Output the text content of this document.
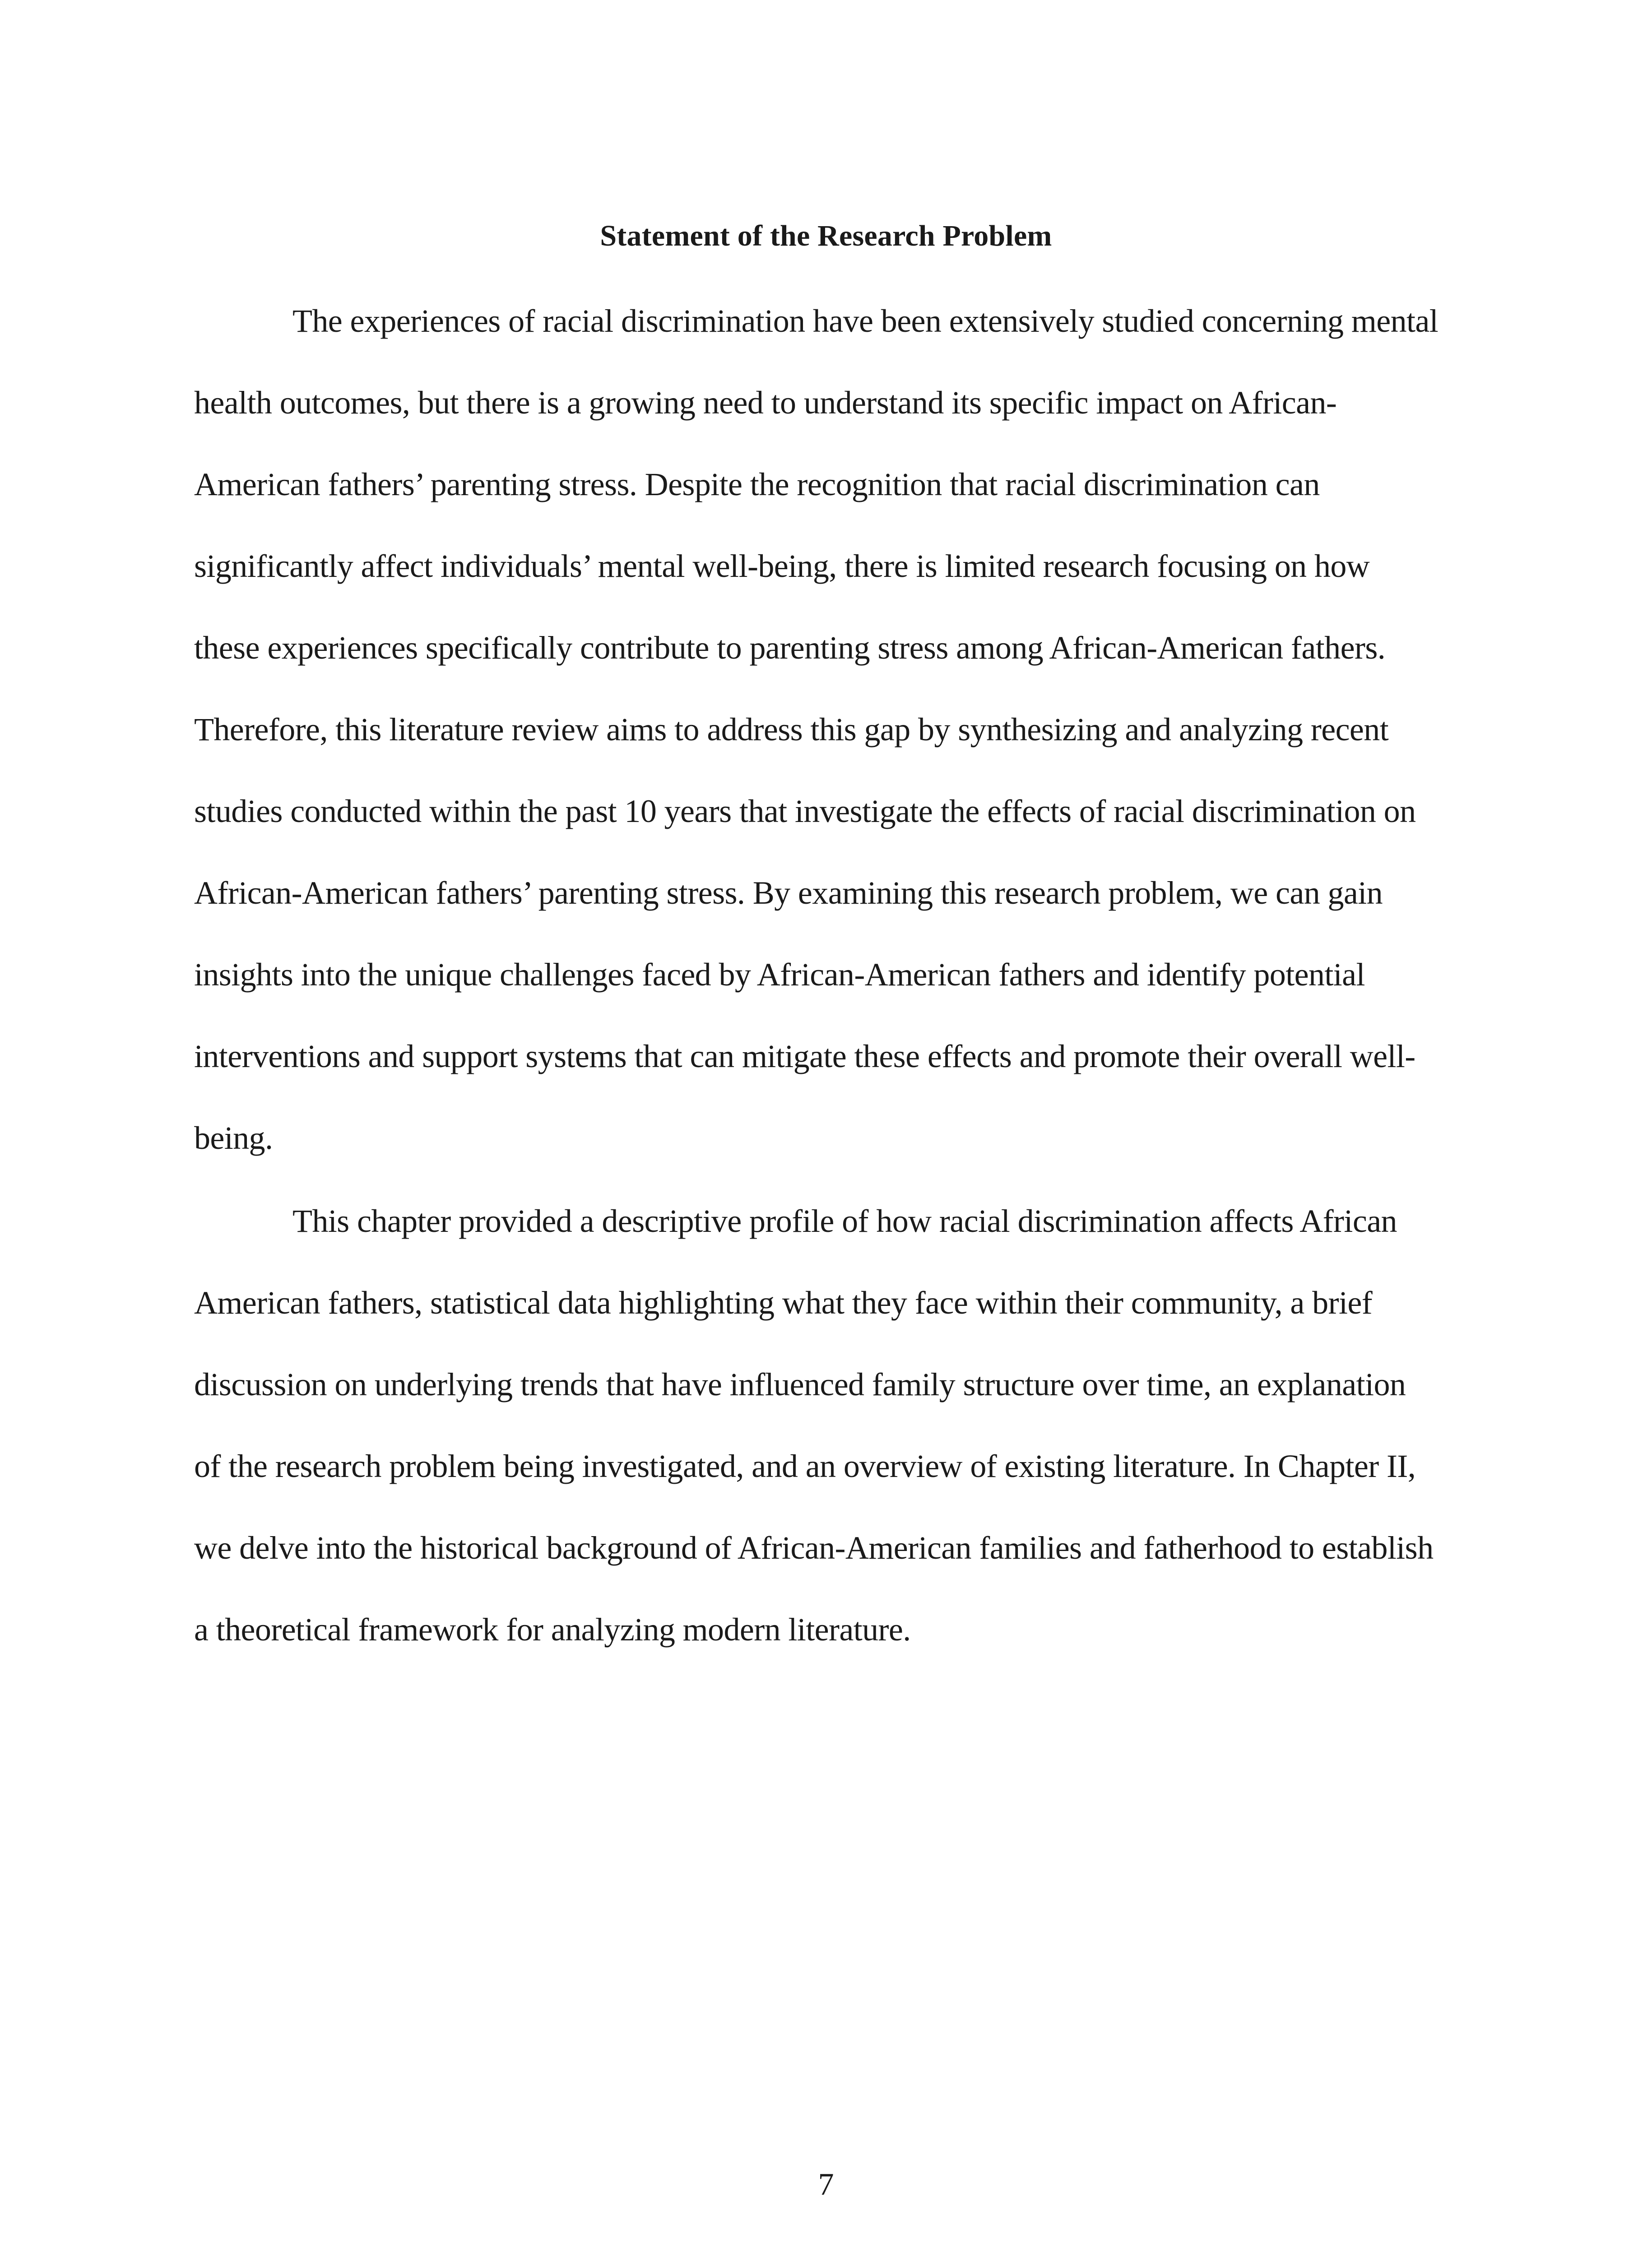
Statement of the Research Problem
The experiences of racial discrimination have been extensively studied concerning mental
health outcomes, but there is a growing need to understand its specific impact on African-
American fathers’ parenting stress. Despite the recognition that racial discrimination can
significantly affect individuals’ mental well-being, there is limited research focusing on how
these experiences specifically contribute to parenting stress among African-American fathers.
Therefore, this literature review aims to address this gap by synthesizing and analyzing recent
studies conducted within the past 10 years that investigate the effects of racial discrimination on
African-American fathers’ parenting stress. By examining this research problem, we can gain
insights into the unique challenges faced by African-American fathers and identify potential
interventions and support systems that can mitigate these effects and promote their overall well-
being.
This chapter provided a descriptive profile of how racial discrimination affects African
American fathers, statistical data highlighting what they face within their community, a brief
discussion on underlying trends that have influenced family structure over time, an explanation
of the research problem being investigated, and an overview of existing literature. In Chapter II,
we delve into the historical background of African-American families and fatherhood to establish
a theoretical framework for analyzing modern literature.

7
